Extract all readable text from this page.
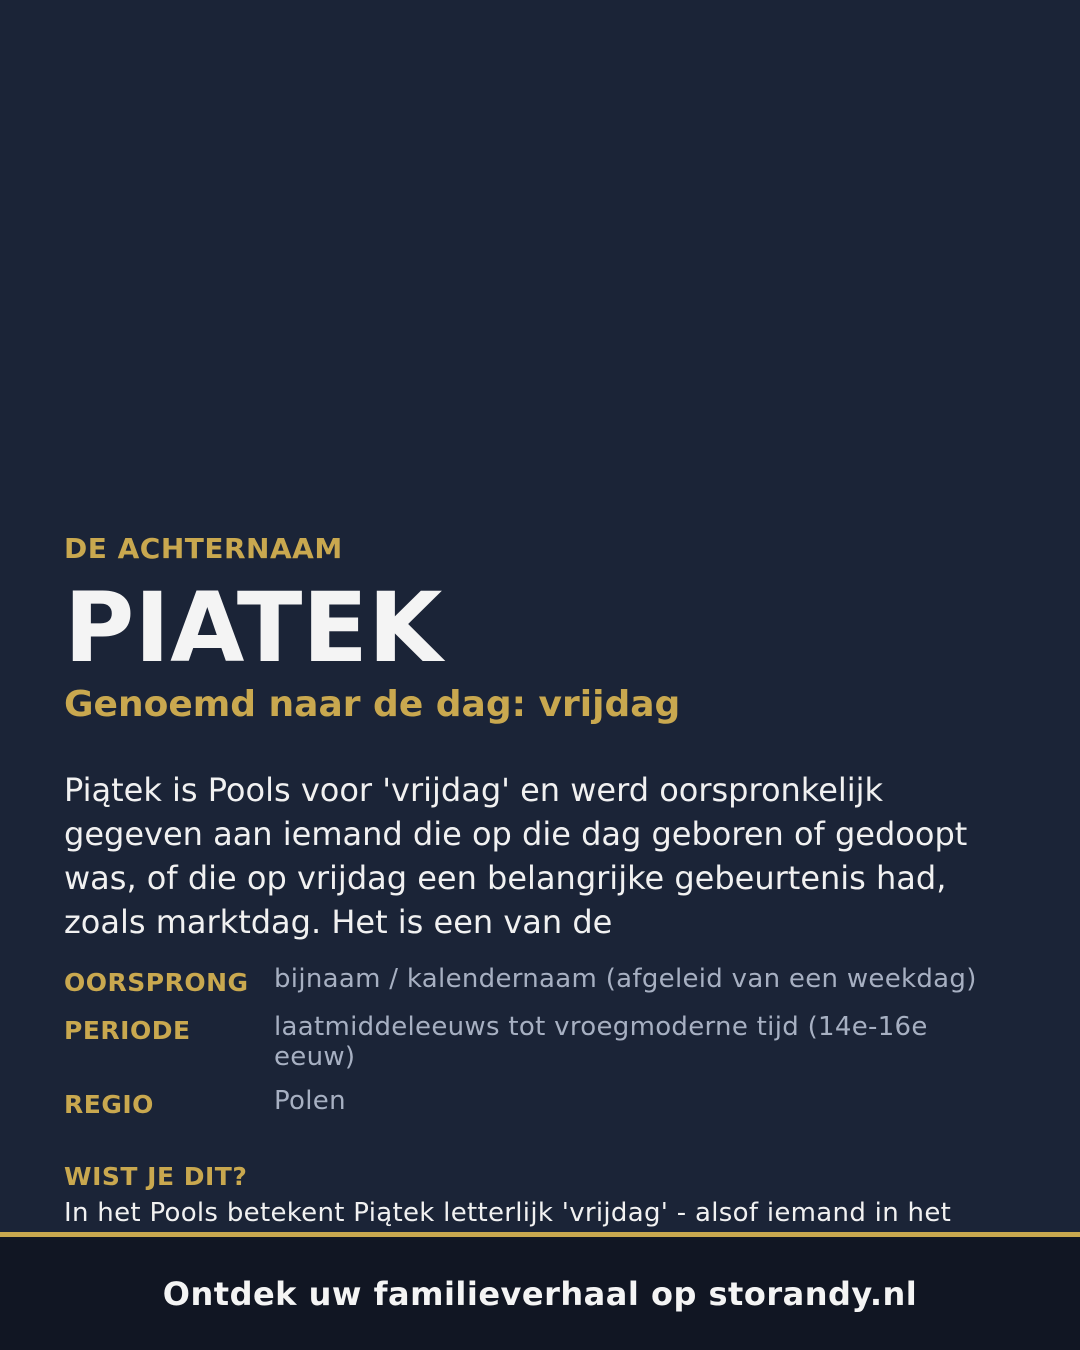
DE ACHTERNAAM
PIATEK
Genoemd naar de dag: vrijdag
Piątek is Pools voor 'vrijdag' en werd oorspronkelijk gegeven aan iemand die op die dag geboren of gedoopt was, of die op vrijdag een belangrijke gebeurtenis had, zoals marktdag. Het is een van de
OORSPRONG bijnaam / kalendernaam (afgeleid van een weekdag)
PERIODE	laatmiddeleeuws tot vroegmoderne tijd (14e-16e eeuw)
REGIO	Polen
WIST JE DIT?
In het Pools betekent Piątek letterlijk 'vrijdag' - alsof iemand in het
Ontdek uw familieverhaal op storandy.nl
